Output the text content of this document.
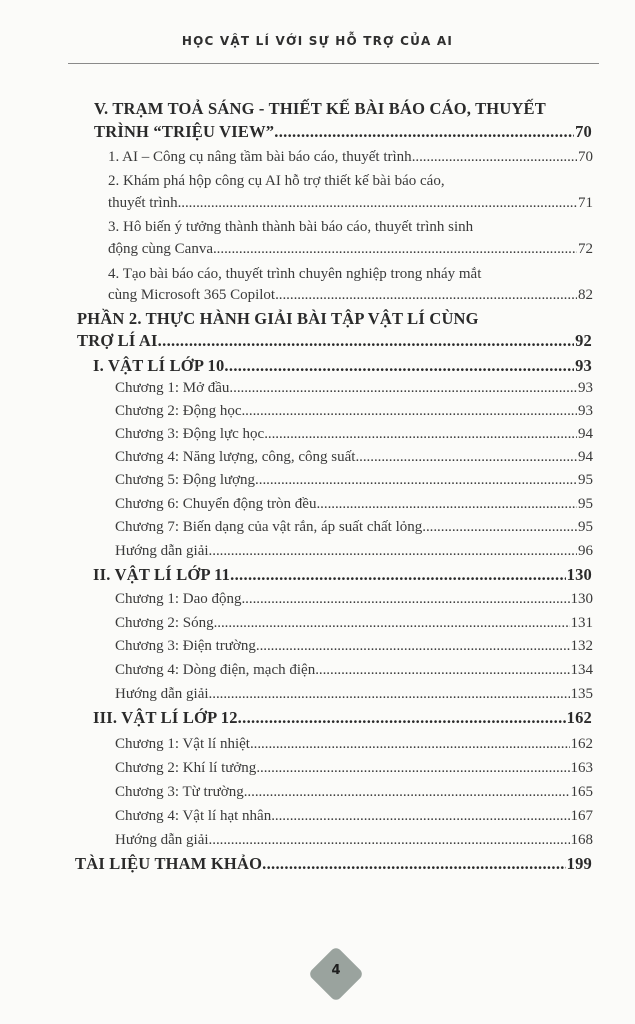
HỌC VẬT LÍ VỚI SỰ HỖ TRỢ CỦA AI
V. TRẠM TOẢ SÁNG - THIẾT KẾ BÀI BÁO CÁO, THUYẾT
TRÌNH “TRIỆU VIEW” . . .	70
1. AI – Công cụ nâng tầm bài báo cáo, thuyết trình . . .	70
2. Khám phá hộp công cụ AI hỗ trợ thiết kế bài báo cáo,
thuyết trình . . .	71
3. Hô biến ý tưởng thành thành bài báo cáo, thuyết trình sinh
động cùng Canva . . .	72
4. Tạo bài báo cáo, thuyết trình chuyên nghiệp trong nháy mắt
cùng Microsoft 365 Copilot . . .	82
PHẦN 2. THỰC HÀNH GIẢI BÀI TẬP VẬT LÍ CÙNG
TRỢ LÍ AI . . .	92
I. VẬT LÍ LỚP 10 . . .	93
Chương 1: Mở đầu . . .	93
Chương 2: Động học . . .	93
Chương 3: Động lực học . . .	94
Chương 4: Năng lượng, công, công suất . . .	94
Chương 5: Động lượng . . .	95
Chương 6: Chuyển động tròn đều . . .	95
Chương 7: Biến dạng của vật rắn, áp suất chất lỏng . . .	95
Hướng dẫn giải . . .	96
II. VẬT LÍ LỚP 11 . . .	130
Chương 1: Dao động . . .	130
Chương 2: Sóng . . .	131
Chương 3: Điện trường . . .	132
Chương 4: Dòng điện, mạch điện . . .	134
Hướng dẫn giải . . .	135
III. VẬT LÍ LỚP 12 . . .	162
Chương 1: Vật lí nhiệt . . .	162
Chương 2: Khí lí tưởng . . .	163
Chương 3: Từ trường . . .	165
Chương 4: Vật lí hạt nhân . . .	167
Hướng dẫn giải . . .	168
TÀI LIỆU THAM KHẢO . . .	199
4
